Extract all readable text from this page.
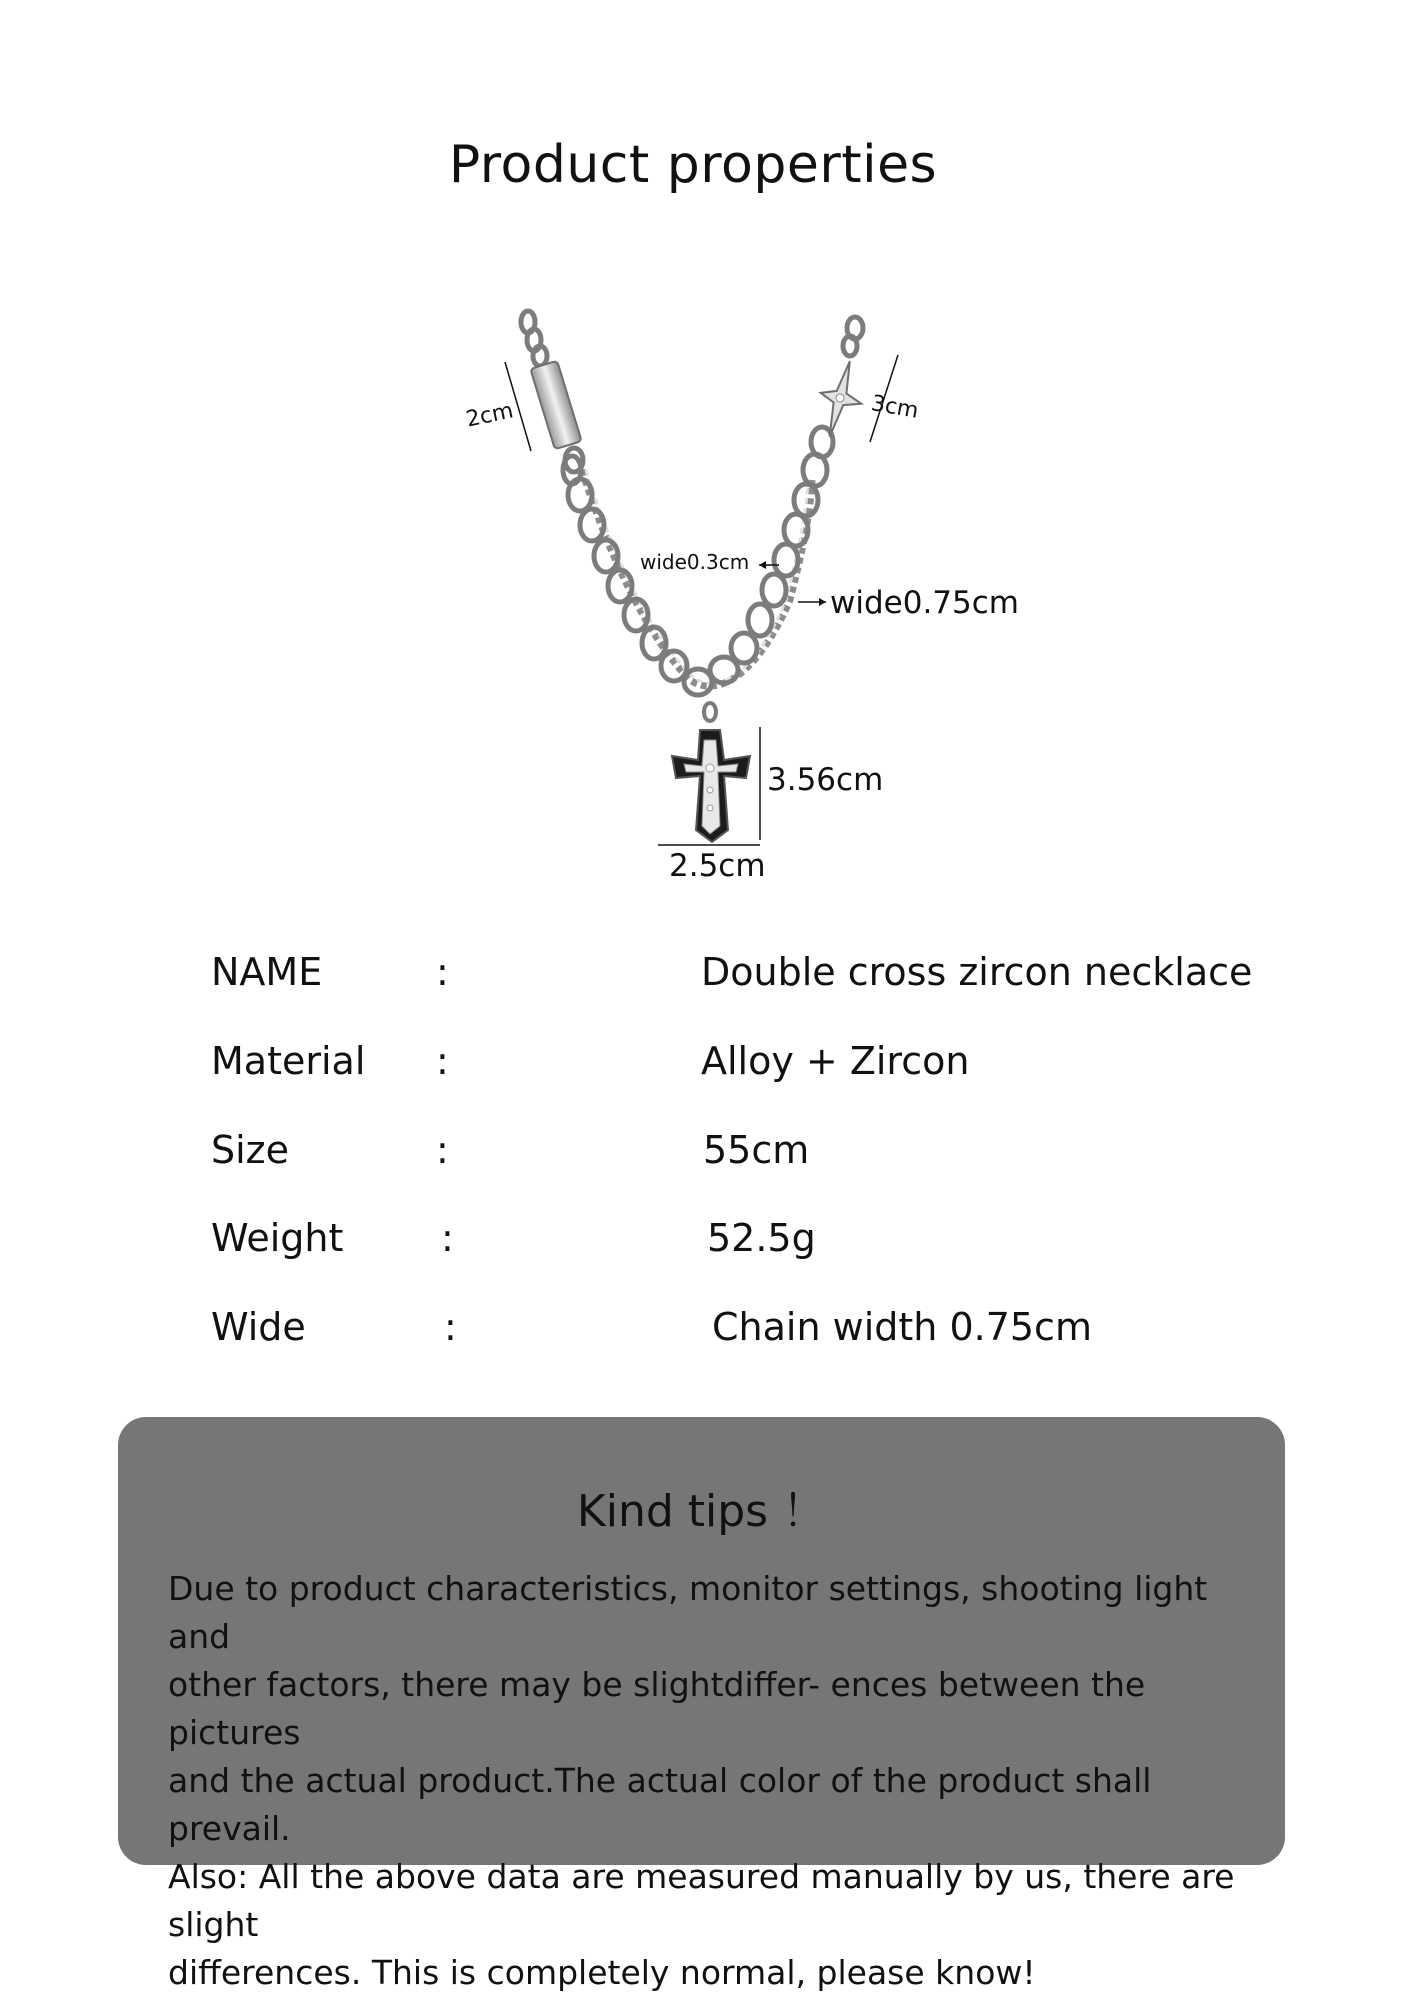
Product properties
2cm	3cm
wide0.3cm
wide0.75cm
3.56cm
2.5cm
NAME	:	Double cross zircon necklace
Material :	Alloy + Zircon
Size	:	55cm
Weight	:	52.5g
Wide	:	Chain width 0.75cm
Kind tips ！
Due to product characteristics, monitor settings, shooting light and
other factors, there may be slightdiffer- ences between the pictures
and the actual product.The actual color of the product shall prevail.
Also: All the above data are measured manually by us, there are slight
differences. This is completely normal, please know!
